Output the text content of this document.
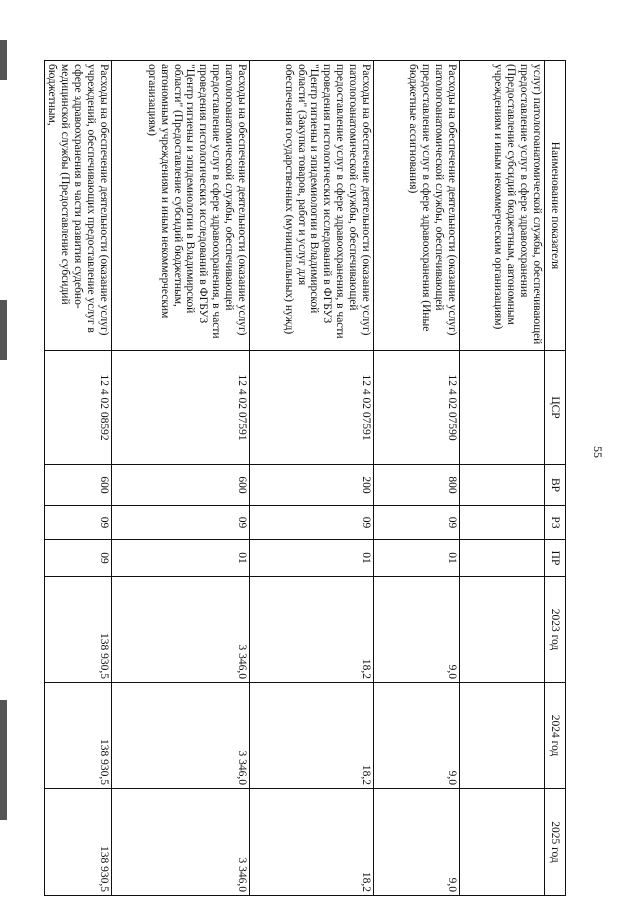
55
Наименование показателя	ЦСР	ВР	РЗ	ПР	2023 год	2024 год	2025 год
услуг) патологоанатомической службы, обеспечивающей предоставление услуг в сфере здравоохранения (Предоставление субсидий бюджетным, автономным учреждениям и иным некоммерческим организациям)							
Расходы на обеспечение деятельности (оказание услуг) патологоанатомической службы, обеспечивающей предоставление услуг в сфере здравоохранения (Иные бюджетные ассигнования)	12 4 02 07590	800	09	01	9,0	9,0	9,0
Расходы на обеспечение деятельности (оказание услуг) патологоанатомической службы, обеспечивающей предоставление услуг в сфере здравоохранения, в части проведения гистологических исследований в ФГБУЗ "Центр гигиены и эпидемиологии в Владимирской области" (Закупка товаров, работ и услуг для обеспечения государственных (муниципальных) нужд)	12 4 02 07591	200	09	01	18,2	18,2	18,2
Расходы на обеспечение деятельности (оказание услуг) патологоанатомической службы, обеспечивающей предоставление услуг в сфере здравоохранения, в части проведения гистологических исследований в ФГБУЗ "Центр гигиены и эпидемиологии в Владимирской области" (Предоставление субсидий бюджетным, автономным учреждениям и иным некоммерческим организациям)	12 4 02 07591	600	09	01	3 346,0	3 346,0	3 346,0
Расходы на обеспечение деятельности (оказание услуг) учреждений, обеспечивающих предоставление услуг в сфере здравоохранения в части развития судебно-медицинской службы (Предоставление субсидий бюджетным,	12 4 02 08592	600	09	09	138 930,5	138 930,5	138 930,5
